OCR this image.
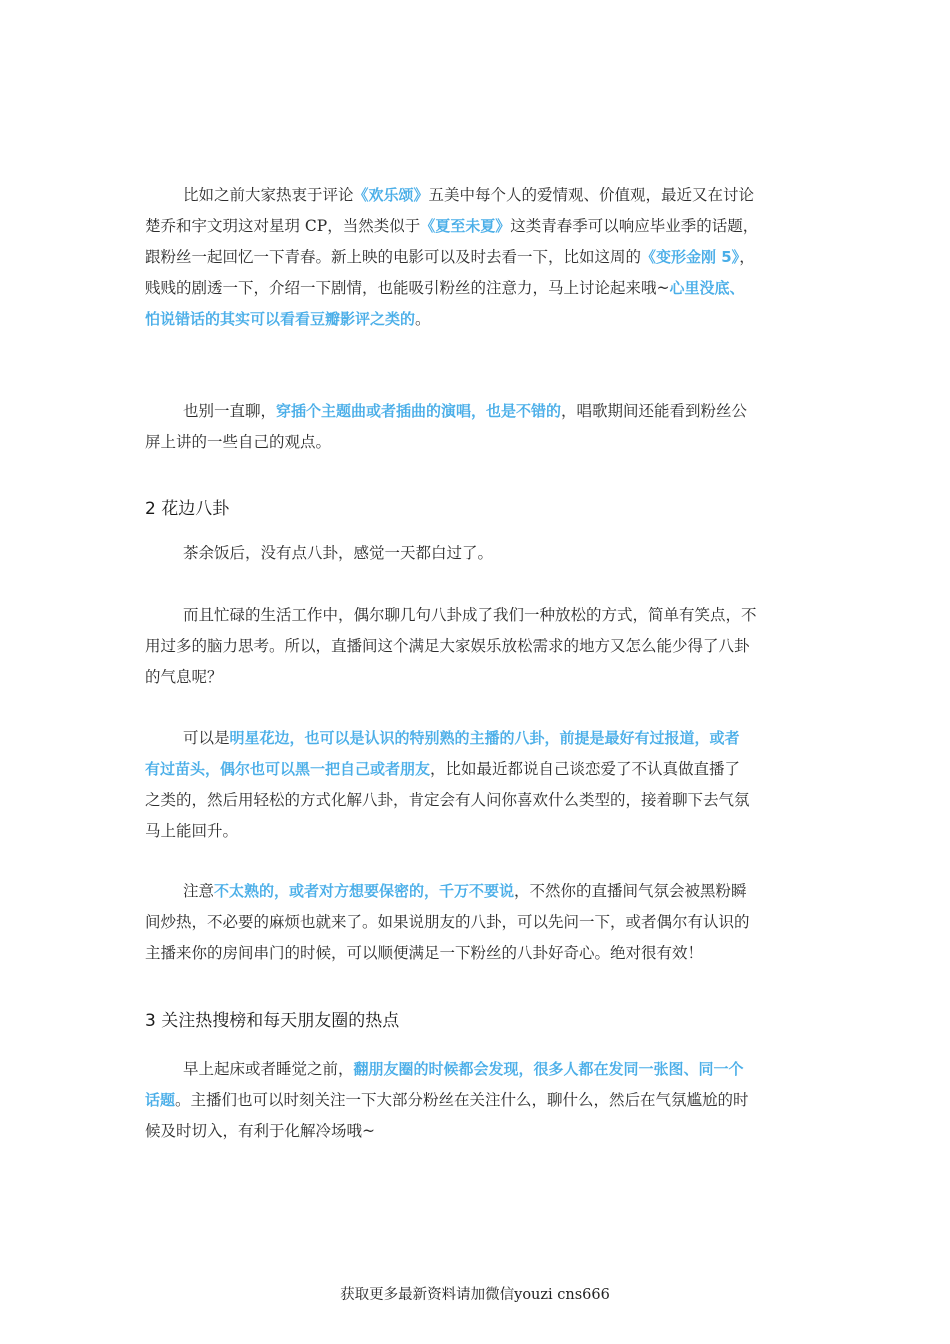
比如之前大家热衷于评论《欢乐颂》五美中每个人的爱情观、价值观，最近又在讨论
楚乔和宇文玥这对星玥 CP，当然类似于《夏至未夏》这类青春季可以响应毕业季的话题，
跟粉丝一起回忆一下青春。新上映的电影可以及时去看一下，比如这周的《变形金刚 5》，
贱贱的剧透一下，介绍一下剧情，也能吸引粉丝的注意力，马上讨论起来哦~心里没底、
怕说错话的其实可以看看豆瓣影评之类的。
也别一直聊，穿插个主题曲或者插曲的演唱，也是不错的，唱歌期间还能看到粉丝公
屏上讲的一些自己的观点。
2 花边八卦
茶余饭后，没有点八卦，感觉一天都白过了。
而且忙碌的生活工作中，偶尔聊几句八卦成了我们一种放松的方式，简单有笑点，不
用过多的脑力思考。所以，直播间这个满足大家娱乐放松需求的地方又怎么能少得了八卦
的气息呢？
可以是明星花边，也可以是认识的特别熟的主播的八卦，前提是最好有过报道，或者
有过苗头，偶尔也可以黑一把自己或者朋友，比如最近都说自己谈恋爱了不认真做直播了
之类的，然后用轻松的方式化解八卦，肯定会有人问你喜欢什么类型的，接着聊下去气氛
马上能回升。
注意不太熟的，或者对方想要保密的，千万不要说，不然你的直播间气氛会被黑粉瞬
间炒热，不必要的麻烦也就来了。如果说朋友的八卦，可以先问一下，或者偶尔有认识的
主播来你的房间串门的时候，可以顺便满足一下粉丝的八卦好奇心。绝对很有效！
3 关注热搜榜和每天朋友圈的热点
早上起床或者睡觉之前，翻朋友圈的时候都会发现，很多人都在发同一张图、同一个
话题。主播们也可以时刻关注一下大部分粉丝在关注什么，聊什么，然后在气氛尴尬的时
候及时切入，有利于化解冷场哦~
获取更多最新资料请加微信youzi cns666
